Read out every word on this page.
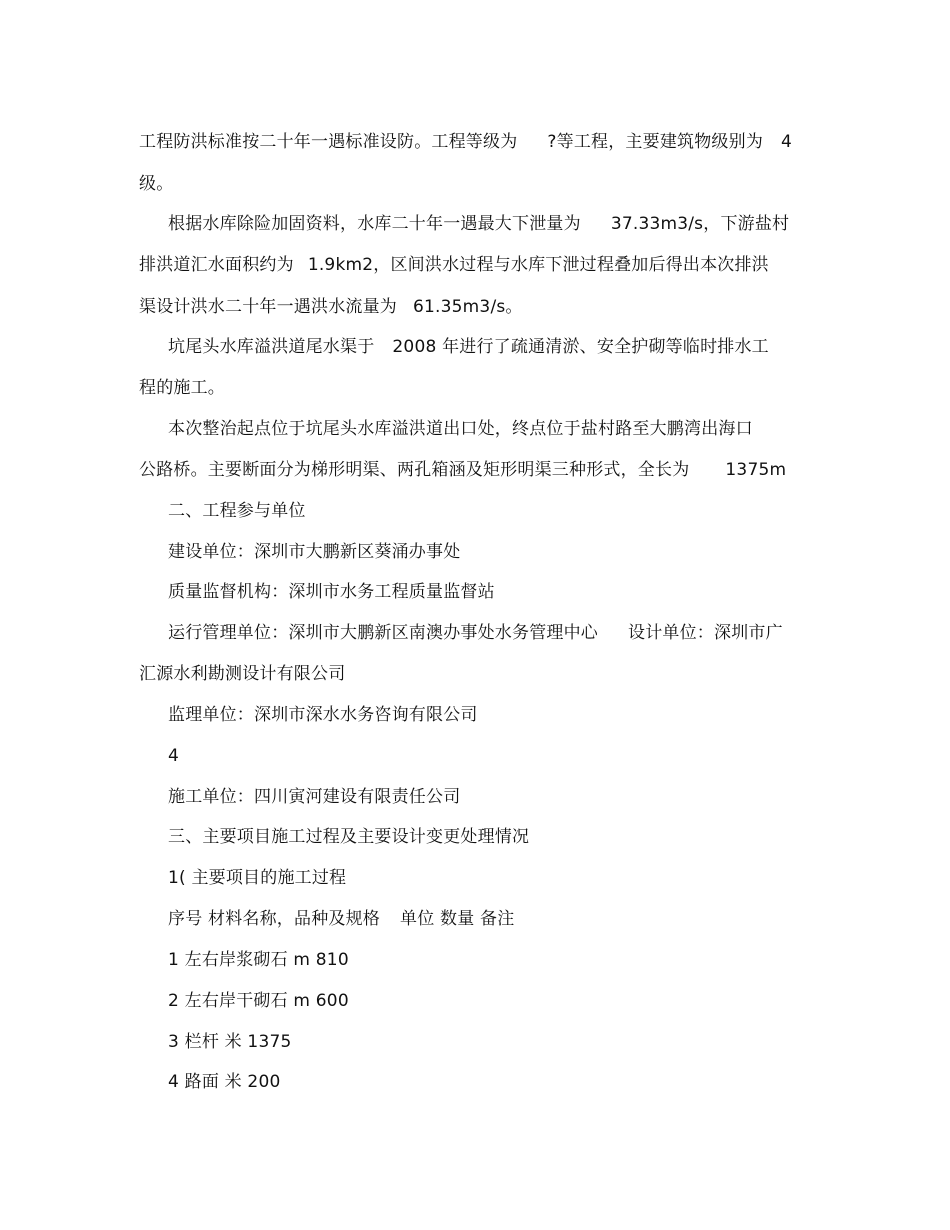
工程防洪标准按二十年一遇标准设防。工程等级为 ?等工程，主要建筑物级别为 4
级。
根据水库除险加固资料，水库二十年一遇最大下泄量为 37.33m3/s，下游盐村
排洪道汇水面积约为 1.9km2，区间洪水过程与水库下泄过程叠加后得出本次排洪
渠设计洪水二十年一遇洪水流量为 61.35m3/s。
坑尾头水库溢洪道尾水渠于 2008 年进行了疏通清淤、安全护砌等临时排水工
程的施工。
本次整治起点位于坑尾头水库溢洪道出口处，终点位于盐村路至大鹏湾出海口
公路桥。主要断面分为梯形明渠、两孔箱涵及矩形明渠三种形式，全长为 1375m
二、工程参与单位
建设单位：深圳市大鹏新区葵涌办事处
质量监督机构：深圳市水务工程质量监督站
运行管理单位：深圳市大鹏新区南澳办事处水务管理中心 设计单位：深圳市广
汇源水利勘测设计有限公司
监理单位：深圳市深水水务咨询有限公司
4
施工单位：四川寅河建设有限责任公司
三、主要项目施工过程及主要设计变更处理情况
1( 主要项目的施工过程
序号 材料名称，品种及规格 单位 数量 备注
1 左右岸浆砌石 m 810
2 左右岸干砌石 m 600
3 栏杆 米 1375
4 路面 米 200
